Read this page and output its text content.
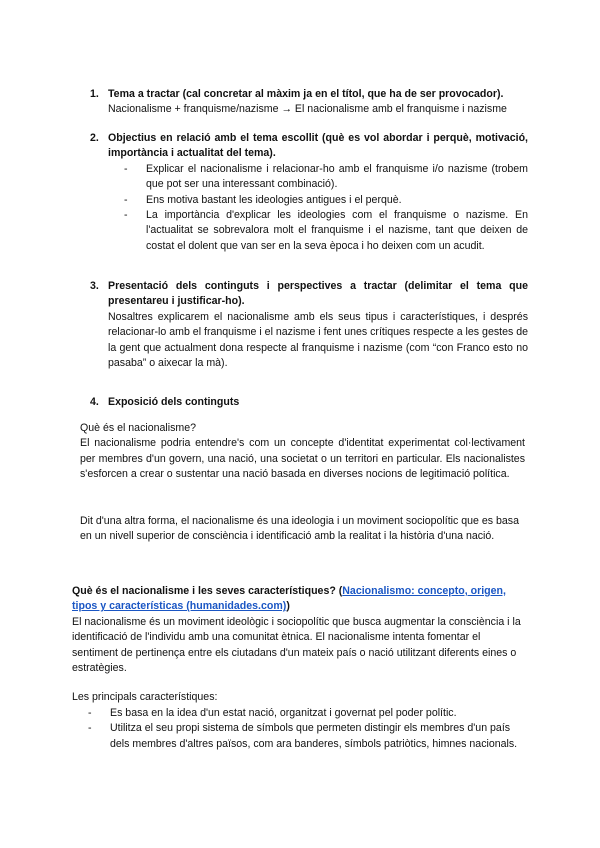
1. Tema a tractar (cal concretar al màxim ja en el títol, que ha de ser provocador).
Nacionalisme + franquisme/nazisme → El nacionalisme amb el franquisme i nazisme
2. Objectius en relació amb el tema escollit (què es vol abordar i perquè, motivació, importància i actualitat del tema).
- Explicar el nacionalisme i relacionar-ho amb el franquisme i/o nazisme (trobem que pot ser una interessant combinació).
- Ens motiva bastant les ideologies antigues i el perquè.
- La importància d'explicar les ideologies com el franquisme o nazisme. En l'actualitat se sobrevalora molt el franquisme i el nazisme, tant que deixen de costat el dolent que van ser en la seva època i ho deixen com un acudit.
3. Presentació dels continguts i perspectives a tractar (delimitar el tema que presentareu i justificar-ho).
Nosaltres explicarem el nacionalisme amb els seus tipus i característiques, i després relacionar-lo amb el franquisme i el nazisme i fent unes crítiques respecte a les gestes de la gent que actualment dona respecte al franquisme i nazisme (com “con Franco esto no pasaba” o aixecar la mà).
4. Exposició dels continguts
Què és el nacionalisme?
El nacionalisme podria entendre's com un concepte d'identitat experimentat col·lectivament per membres d'un govern, una nació, una societat o un territori en particular. Els nacionalistes s'esforcen a crear o sustentar una nació basada en diverses nocions de legitimació política.
Dit d'una altra forma, el nacionalisme és una ideologia i un moviment sociopolític que es basa en un nivell superior de consciència i identificació amb la realitat i la història d'una nació.
Què és el nacionalisme i les seves característiques? (Nacionalismo: concepto, origen, tipos y características (humanidades.com))
El nacionalisme és un moviment ideològic i sociopolític que busca augmentar la consciència i la identificació de l'individu amb una comunitat ètnica. El nacionalisme intenta fomentar el sentiment de pertinença entre els ciutadans d'un mateix país o nació utilitzant diferents eines o estratègies.
Les principals característiques:
- Es basa en la idea d'un estat nació, organitzat i governat pel poder polític.
- Utilitza el seu propi sistema de símbols que permeten distingir els membres d'un país dels membres d'altres països, com ara banderes, símbols patriòtics, himnes nacionals.
